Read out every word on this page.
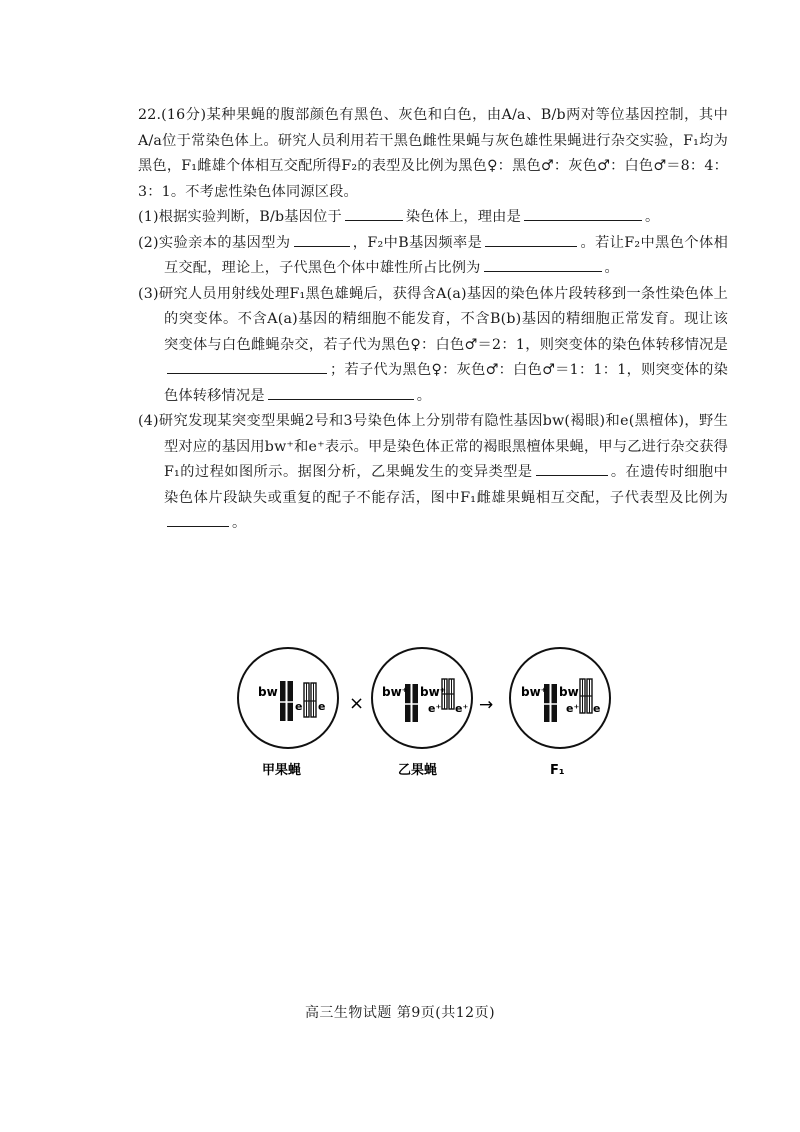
22.(16分)某种果蝇的腹部颜色有黑色、灰色和白色，由A/a、B/b两对等位基因控制，其中A/a位于常染色体上。研究人员利用若干黑色雌性果蝇与灰色雄性果蝇进行杂交实验，F₁均为黑色，F₁雌雄个体相互交配所得F₂的表型及比例为黑色♀：黑色♂：灰色♂：白色♂＝8：4：3：1。不考虑性染色体同源区段。

(1)根据实验判断，B/b基因位于	染色体上，理由是	。

(2)实验亲本的基因型为	，F₂中B基因频率是	。若让F₂中黑色个体相互交配，理论上，子代黑色个体中雄性所占比例为	。

(3)研究人员用射线处理F₁黑色雄蝇后，获得含A(a)基因的染色体片段转移到一条性染色体上的突变体。不含A(a)基因的精细胞不能发育，不含B(b)基因的精细胞正常发育。现让该突变体与白色雌蝇杂交，若子代为黑色♀：白色♂＝2：1，则突变体的染色体转移情况是；若子代为黑色♀：灰色♂：白色♂＝1：1：1，则突变体的染色体转移情况是	。

(4)研究发现某突变型果蝇2号和3号染色体上分别带有隐性基因bw(褐眼)和e(黑檀体)，野生型对应的基因用bw⁺和e⁺表示。甲是染色体正常的褐眼黑檀体果蝇，甲与乙进行杂交获得F₁的过程如图所示。据图分析，乙果蝇发生的变异类型是	。在遗传时细胞中染色体片段缺失或重复的配子不能存活，图中F₁雌雄果蝇相互交配，子代表型及比例为。

bw
e e ×
bw⁺ bw⁺
e⁺ e⁺ →
bw⁺ bw
e⁺ e
甲果蝇	乙果蝇	F₁
高三生物试题 第9页(共12页)
